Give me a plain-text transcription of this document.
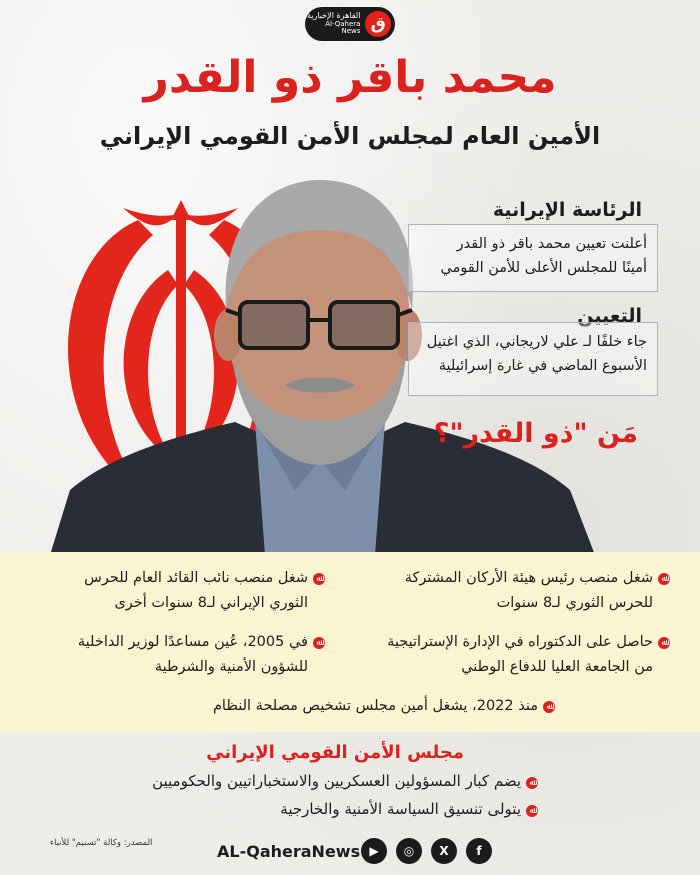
القاهرة الإخبارية
Al-Qahera News ق
محمد باقر ذو القدر
الأمين العام لمجلس الأمن القومي الإيراني
الرئاسة الإيرانية
أعلنت تعيين محمد باقر ذو القدر
أمينًا للمجلس الأعلى للأمن القومي
التعيين
جاء خلفًا لـ علي لاريجاني، الذي اغتيل
الأسبوع الماضي في غارة إسرائيلية
مَن "ذو القدر"؟
ﷲشغل منصب رئيس هيئة الأركان المشتركة
للحرس الثوري لـ8 سنوات
ﷲشغل منصب نائب القائد العام للحرس
الثوري الإيراني لـ8 سنوات أخرى
ﷲحاصل على الدكتوراه في الإدارة الإستراتيجية
من الجامعة العليا للدفاع الوطني
ﷲفي 2005، عُين مساعدًا لوزير الداخلية
للشؤون الأمنية والشرطية
ﷲمنذ 2022، يشغل أمين مجلس تشخيص مصلحة النظام
مجلس الأمن القومي الإيراني
ﷲيضم كبار المسؤولين العسكريين والاستخباراتيين والحكوميين
ﷲيتولى تنسيق السياسة الأمنية والخارجية
المصدر: وكالة "تسنيم" للأنباء	AL-QaheraNews ▶	◎	X	f
